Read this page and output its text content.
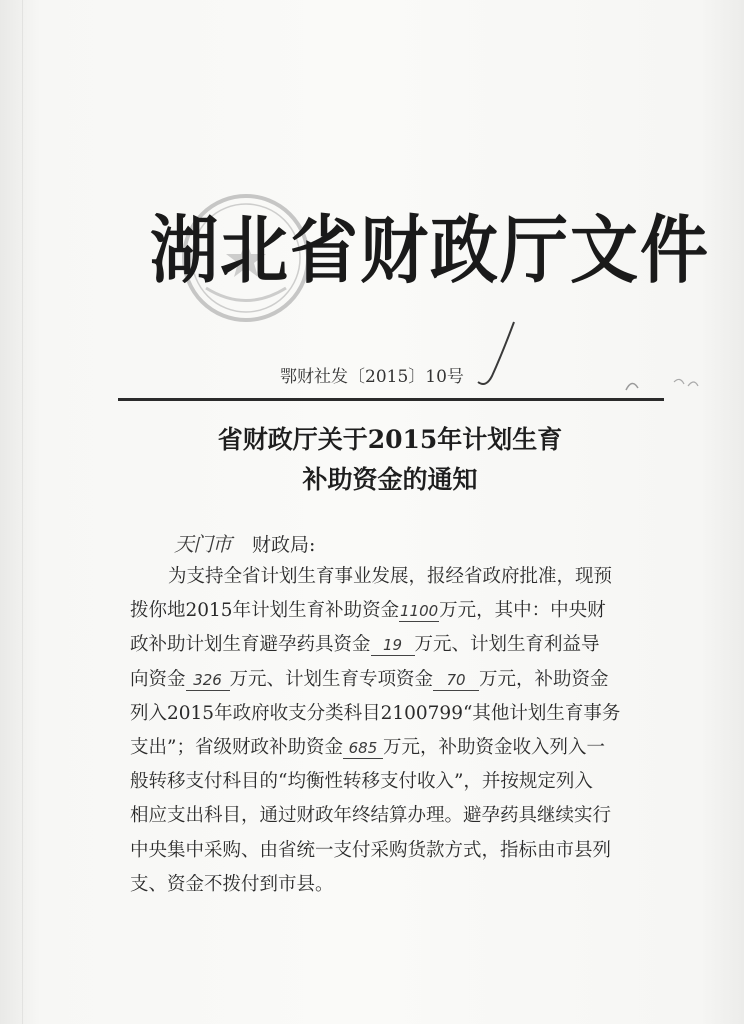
湖北省财政厅文件
鄂财社发〔2015〕10号
省财政厅关于2015年计划生育
补助资金的通知
天门市 财政局:
为支持全省计划生育事业发展，报经省政府批准，现预
拨你地2015年计划生育补助资金1100万元，其中：中央财
政补助计划生育避孕药具资金 19 万元、计划生育利益导
向资金 326 万元、计划生育专项资金 70 万元，补助资金
列入2015年政府收支分类科目2100799“其他计划生育事务
支出”；省级财政补助资金 685 万元，补助资金收入列入一
般转移支付科目的“均衡性转移支付收入”，并按规定列入
相应支出科目，通过财政年终结算办理。避孕药具继续实行
中央集中采购、由省统一支付采购货款方式，指标由市县列
支、资金不拨付到市县。
